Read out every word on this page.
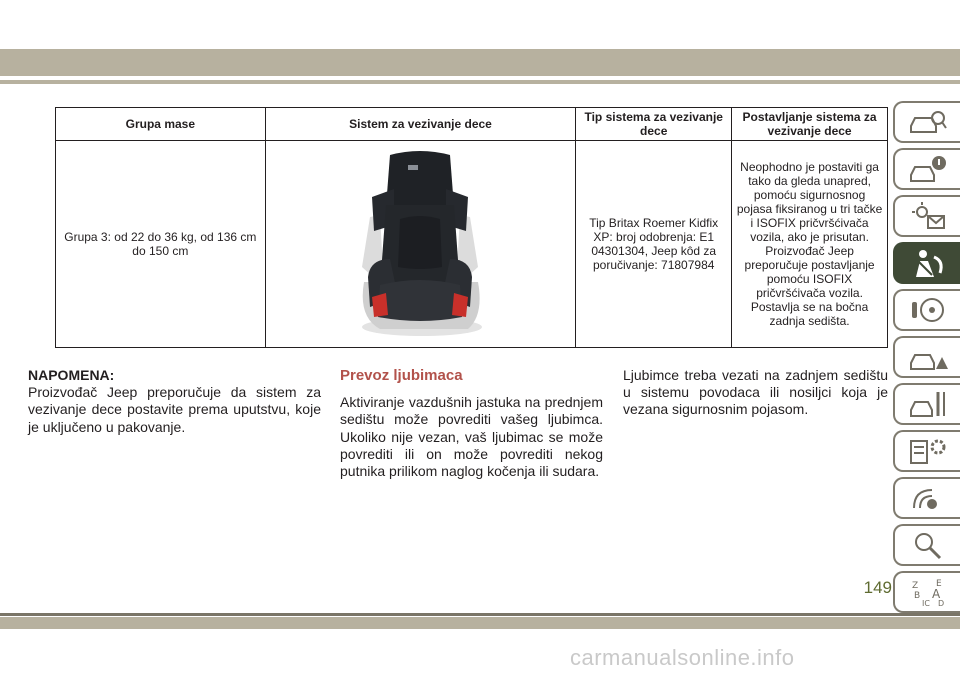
Grupa mase	Sistem za vezivanje dece	Tip sistema za vezivanje dece	Postavljanje sistema za vezivanje dece
Grupa 3: od 22 do 36 kg, od 136 cm do 150 cm		Tip Britax Roemer Kidfix XP: broj odobrenja: E1 04301304, Jeep kôd za poručivanje: 71807984	Neophodno je postaviti ga tako da gleda unapred, pomoću sigurnosnog pojasa fiksiranog u tri tačke i ISOFIX pričvršćivača vozila, ako je prisutan. Proizvođač Jeep preporučuje postavljanje pomoću ISOFIX pričvršćivača vozila. Postavlja se na bočna zadnja sedišta.
NAPOMENA:
Proizvođač Jeep preporučuje da sistem za vezivanje dece postavite prema uputstvu, koje je uključeno u pakovanje.
Prevoz ljubimaca
Aktiviranje vazdušnih jastuka na prednjem sedištu može povrediti vašeg ljubimca. Ukoliko nije vezan, vaš ljubimac se može povrediti ili on može povrediti nekog putnika prilikom naglog kočenja ili sudara.
Ljubimce treba vezati na zadnjem sedištu u sistemu povodaca ili nosiljci koja je vezana sigurnosnim pojasom.
Z E
B A
IC D
149
carmanualsonline.info
